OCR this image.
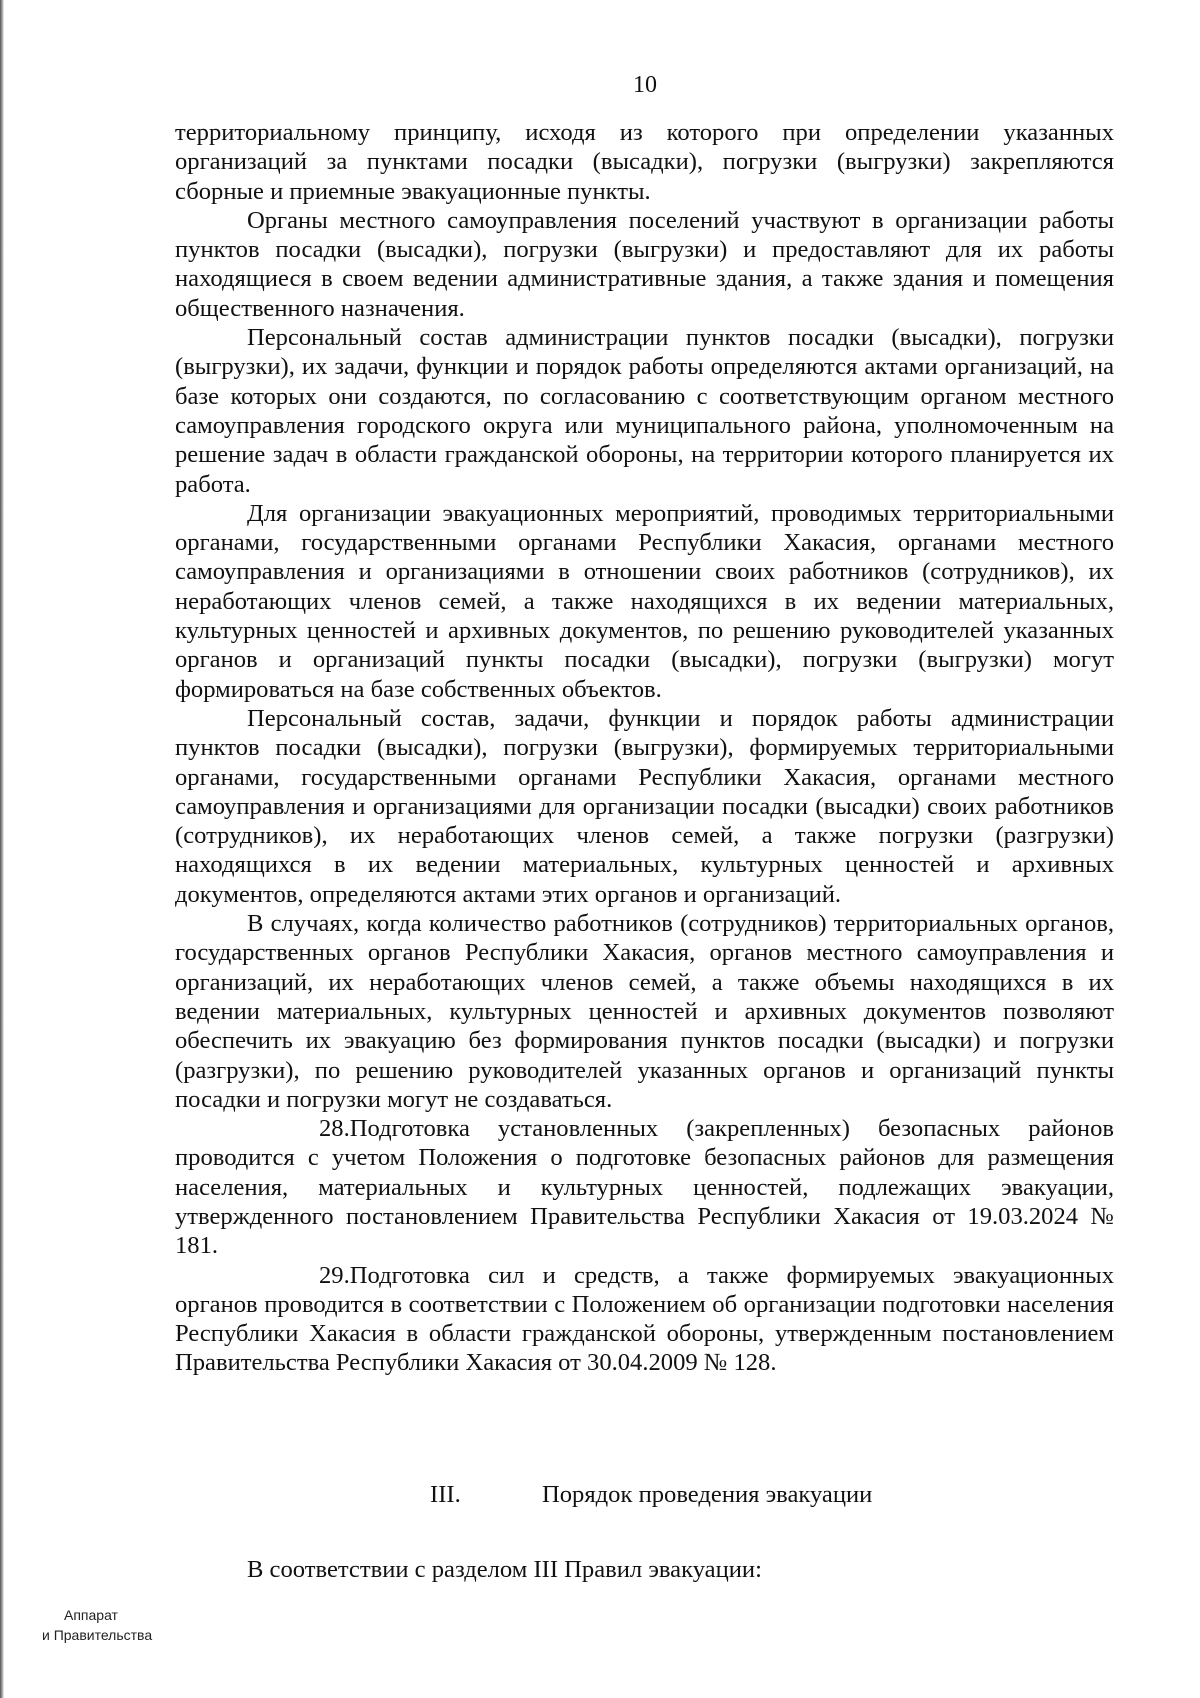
10

территориальному принципу, исходя из которого при определении указанных организаций за пунктами посадки (высадки), погрузки (выгрузки) закрепляются сборные и приемные эвакуационные пункты.

Органы местного самоуправления поселений участвуют в организации работы пунктов посадки (высадки), погрузки (выгрузки) и предоставляют для их работы находящиеся в своем ведении административные здания, а также здания и помещения общественного назначения.

Персональный состав администрации пунктов посадки (высадки), погрузки (выгрузки), их задачи, функции и порядок работы определяются актами организаций, на базе которых они создаются, по согласованию с соответствующим органом местного самоуправления городского округа или муниципального района, уполномоченным на решение задач в области гражданской обороны, на территории которого планируется их работа.

Для организации эвакуационных мероприятий, проводимых территориальными органами, государственными органами Республики Хакасия, органами местного самоуправления и организациями в отношении своих работников (сотрудников), их неработающих членов семей, а также находящихся в их ведении материальных, культурных ценностей и архивных документов, по решению руководителей указанных органов и организаций пункты посадки (высадки), погрузки (выгрузки) могут формироваться на базе собственных объектов.

Персональный состав, задачи, функции и порядок работы администрации пунктов посадки (высадки), погрузки (выгрузки), формируемых территориальными органами, государственными органами Республики Хакасия, органами местного самоуправления и организациями для организации посадки (высадки) своих работников (сотрудников), их неработающих членов семей, а также погрузки (разгрузки) находящихся в их ведении материальных, культурных ценностей и архивных документов, определяются актами этих органов и организаций.

В случаях, когда количество работников (сотрудников) территориальных органов, государственных органов Республики Хакасия, органов местного самоуправления и организаций, их неработающих членов семей, а также объемы находящихся в их ведении материальных, культурных ценностей и архивных документов позволяют обеспечить их эвакуацию без формирования пунктов посадки (высадки) и погрузки (разгрузки), по решению руководителей указанных органов и организаций пункты посадки и погрузки могут не создаваться.

28.Подготовка установленных (закрепленных) безопасных районов проводится с учетом Положения о подготовке безопасных районов для размещения населения, материальных и культурных ценностей, подлежащих эвакуации, утвержденного постановлением Правительства Республики Хакасия от 19.03.2024 № 181.

29.Подготовка сил и средств, а также формируемых эвакуационных органов проводится в соответствии с Положением об организации подготовки населения Республики Хакасия в области гражданской обороны, утвержденным постановлением Правительства Республики Хакасия от 30.04.2009 № 128.

III.	Порядок проведения эвакуации
В соответствии с разделом III Правил эвакуации:
Аппарат
и Правительства
